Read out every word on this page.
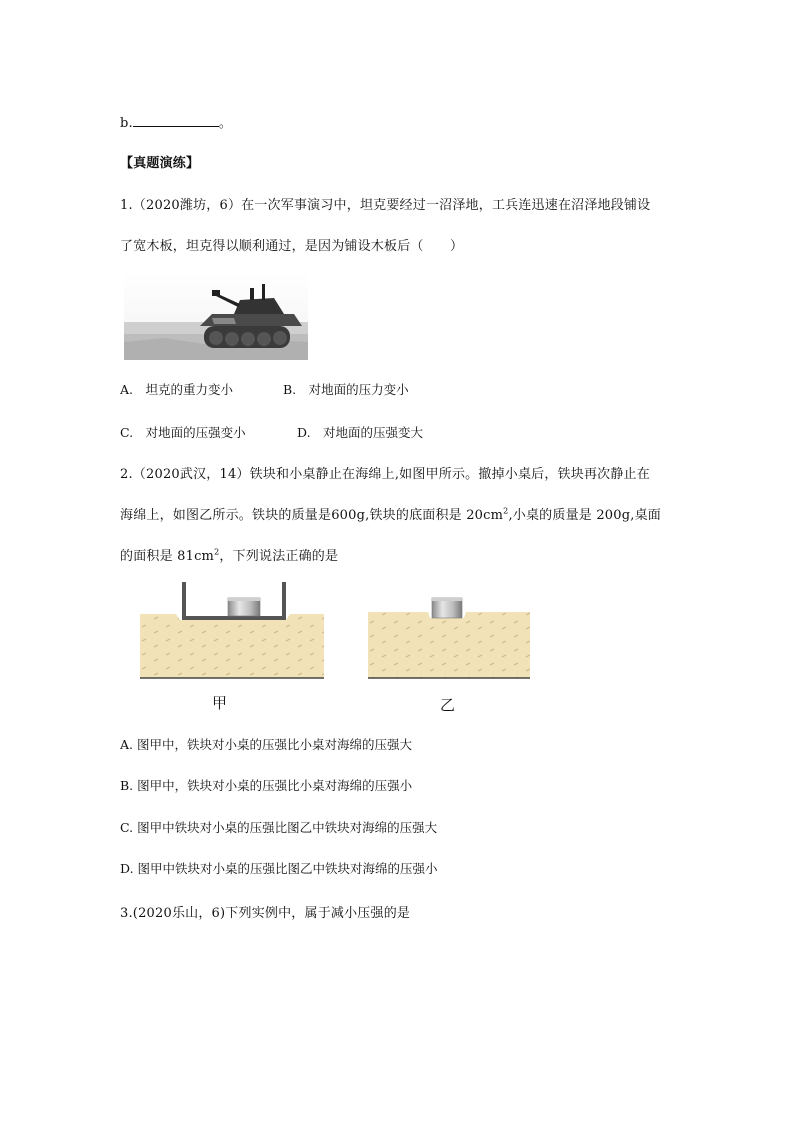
b.	。
【真题演练】
1.（2020潍坊，6）在一次军事演习中，坦克要经过一沼泽地，工兵连迅速在沼泽地段铺设
了宽木板，坦克得以顺利通过，是因为铺设木板后（　　）
A.　坦克的重力变小	B.　对地面的压力变小
C.　对地面的压强变小	D.　对地面的压强变大
2.（2020武汉，14）铁块和小桌静止在海绵上,如图甲所示。撤掉小桌后，铁块再次静止在
海绵上，如图乙所示。铁块的质量是600g,铁块的底面积是 $20cm^2$,小桌的质量是 200g,桌面
的面积是 $81cm^2$，下列说法正确的是
甲	乙
A. 图甲中，铁块对小桌的压强比小桌对海绵的压强大
B. 图甲中，铁块对小桌的压强比小桌对海绵的压强小
C. 图甲中铁块对小桌的压强比图乙中铁块对海绵的压强大
D. 图甲中铁块对小桌的压强比图乙中铁块对海绵的压强小
3.(2020乐山，6)下列实例中，属于减小压强的是
